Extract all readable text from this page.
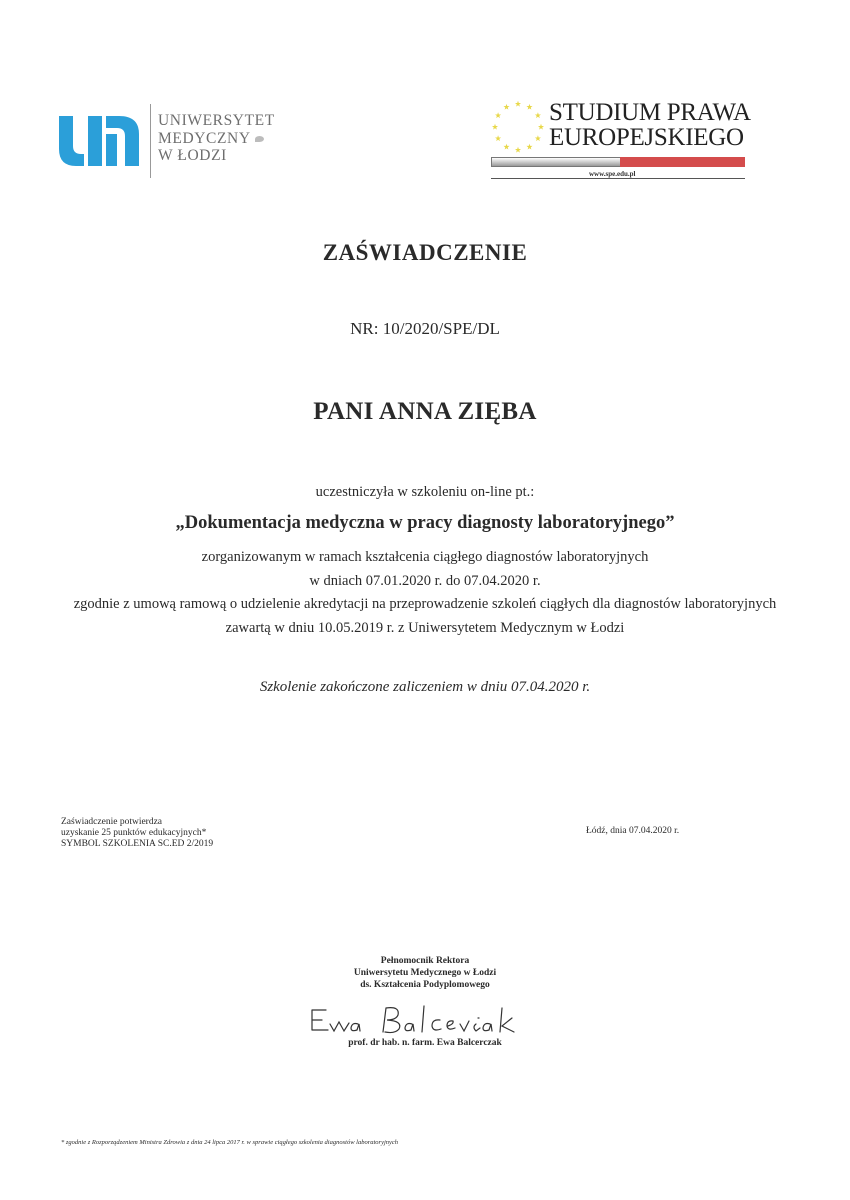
UNIWERSYTET
MEDYCZNY
W ŁODZI
STUDIUM PRAWA
EUROPEJSKIEGO
www.spe.edu.pl
ZAŚWIADCZENIE
NR: 10/2020/SPE/DL
PANI ANNA ZIĘBA
uczestniczyła w szkoleniu on-line pt.:
„Dokumentacja medyczna w pracy diagnosty laboratoryjnego”
zorganizowanym w ramach kształcenia ciągłego diagnostów laboratoryjnych
w dniach 07.01.2020 r. do 07.04.2020 r.
zgodnie z umową ramową o udzielenie akredytacji na przeprowadzenie szkoleń ciągłych dla diagnostów laboratoryjnych
zawartą w dniu 10.05.2019 r. z Uniwersytetem Medycznym w Łodzi
Szkolenie zakończone zaliczeniem w dniu 07.04.2020 r.
Zaświadczenie potwierdza
uzyskanie 25 punktów edukacyjnych*
SYMBOL SZKOLENIA SC.ED 2/2019
Łódź, dnia 07.04.2020 r.
Pełnomocnik Rektora
Uniwersytetu Medycznego w Łodzi
ds. Kształcenia Podyplomowego
prof. dr hab. n. farm. Ewa Balcerczak
* zgodnie z Rozporządzeniem Ministra Zdrowia z dnia 24 lipca 2017 r. w sprawie ciągłego szkolenia diagnostów laboratoryjnych
